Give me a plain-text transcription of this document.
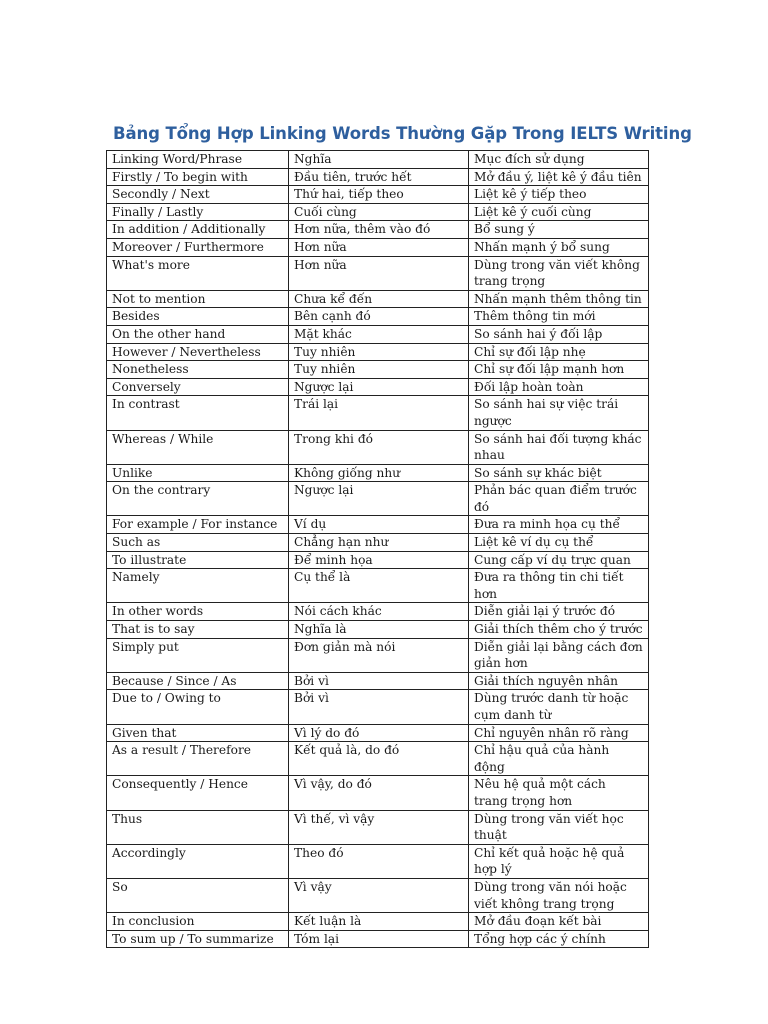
Bảng Tổng Hợp Linking Words Thường Gặp Trong IELTS Writing
Linking Word/Phrase	Nghĩa	Mục đích sử dụng
Firstly / To begin with	Đầu tiên, trước hết	Mở đầu ý, liệt kê ý đầu tiên
Secondly / Next	Thứ hai, tiếp theo	Liệt kê ý tiếp theo
Finally / Lastly	Cuối cùng	Liệt kê ý cuối cùng
In addition / Additionally	Hơn nữa, thêm vào đó	Bổ sung ý
Moreover / Furthermore	Hơn nữa	Nhấn mạnh ý bổ sung
What's more	Hơn nữa	Dùng trong văn viết không trang trọng
Not to mention	Chưa kể đến	Nhấn mạnh thêm thông tin
Besides	Bên cạnh đó	Thêm thông tin mới
On the other hand	Mặt khác	So sánh hai ý đối lập
However / Nevertheless	Tuy nhiên	Chỉ sự đối lập nhẹ
Nonetheless	Tuy nhiên	Chỉ sự đối lập mạnh hơn
Conversely	Ngược lại	Đối lập hoàn toàn
In contrast	Trái lại	So sánh hai sự việc trái ngược
Whereas / While	Trong khi đó	So sánh hai đối tượng khác nhau
Unlike	Không giống như	So sánh sự khác biệt
On the contrary	Ngược lại	Phản bác quan điểm trước đó
For example / For instance	Ví dụ	Đưa ra minh họa cụ thể
Such as	Chẳng hạn như	Liệt kê ví dụ cụ thể
To illustrate	Để minh họa	Cung cấp ví dụ trực quan
Namely	Cụ thể là	Đưa ra thông tin chi tiết hơn
In other words	Nói cách khác	Diễn giải lại ý trước đó
That is to say	Nghĩa là	Giải thích thêm cho ý trước
Simply put	Đơn giản mà nói	Diễn giải lại bằng cách đơn giản hơn
Because / Since / As	Bởi vì	Giải thích nguyên nhân
Due to / Owing to	Bởi vì	Dùng trước danh từ hoặc cụm danh từ
Given that	Vì lý do đó	Chỉ nguyên nhân rõ ràng
As a result / Therefore	Kết quả là, do đó	Chỉ hậu quả của hành động
Consequently / Hence	Vì vậy, do đó	Nêu hệ quả một cách trang trọng hơn
Thus	Vì thế, vì vậy	Dùng trong văn viết học thuật
Accordingly	Theo đó	Chỉ kết quả hoặc hệ quả hợp lý
So	Vì vậy	Dùng trong văn nói hoặc viết không trang trọng
In conclusion	Kết luận là	Mở đầu đoạn kết bài
To sum up / To summarize	Tóm lại	Tổng hợp các ý chính
